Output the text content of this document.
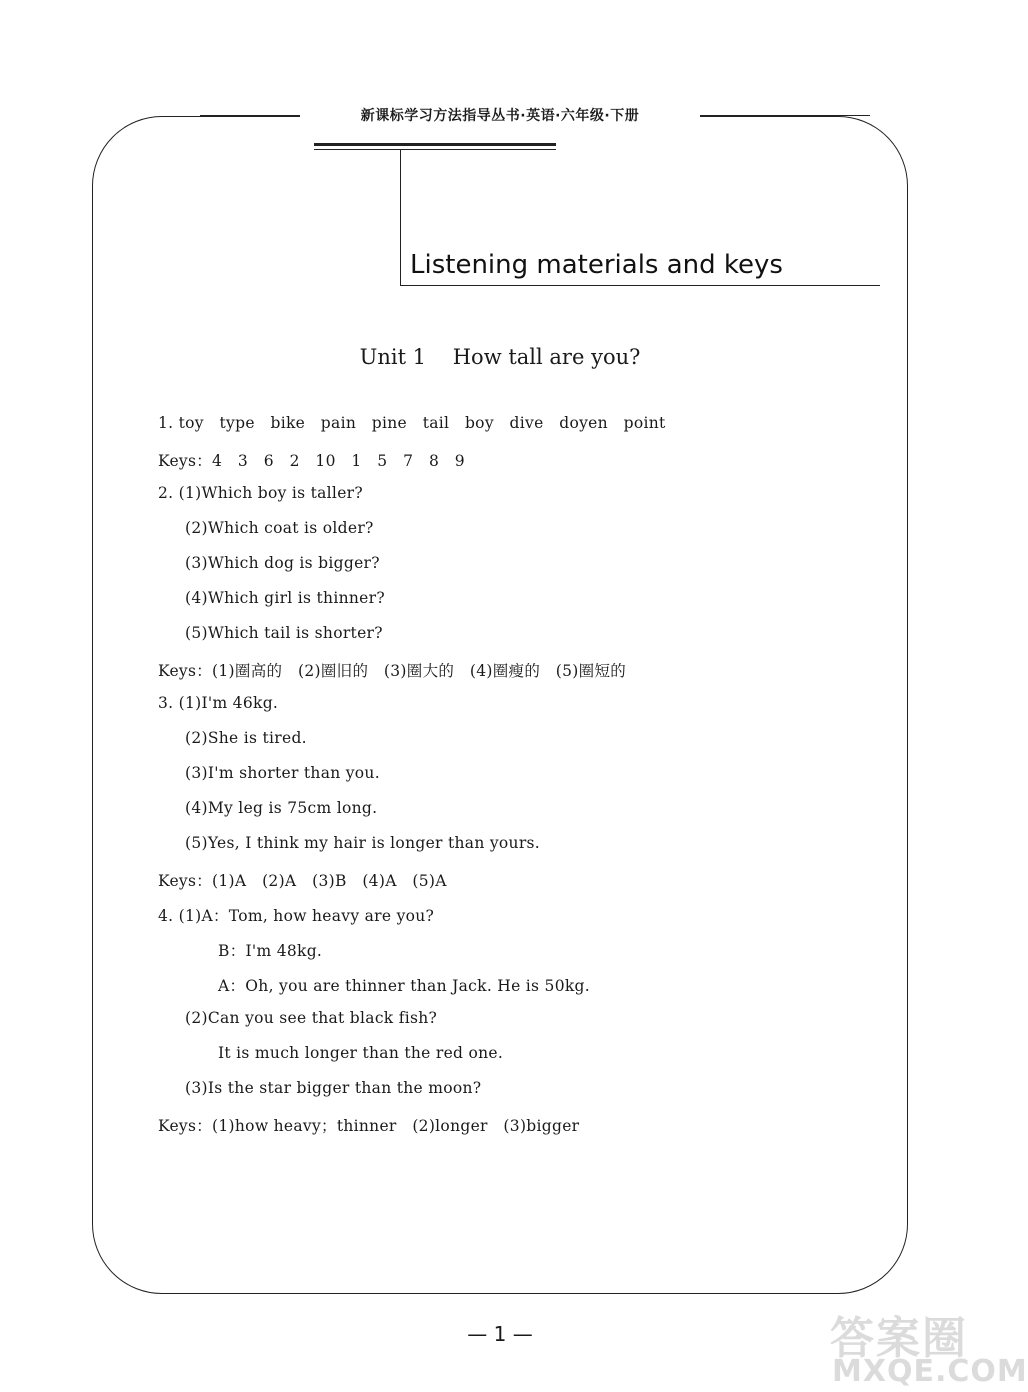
新课标学习方法指导丛书·英语·六年级·下册
Listening materials and keys
Unit 1    How tall are you?
1. toy   type   bike   pain   pine   tail   boy   dive   doyen   point
Keys：4   3   6   2   10   1   5   7   8   9
2. (1)Which boy is taller?
(2)Which coat is older?
(3)Which dog is bigger?
(4)Which girl is thinner?
(5)Which tail is shorter?
Keys：(1)圈高的   (2)圈旧的   (3)圈大的   (4)圈瘦的   (5)圈短的
3. (1)I'm 46kg.
(2)She is tired.
(3)I'm shorter than you.
(4)My leg is 75cm long.
(5)Yes, I think my hair is longer than yours.
Keys：(1)A   (2)A   (3)B   (4)A   (5)A
4. (1)A：Tom, how heavy are you?
B：I'm 48kg.
A：Oh, you are thinner than Jack. He is 50kg.
(2)Can you see that black fish?
It is much longer than the red one.
(3)Is the star bigger than the moon?
Keys：(1)how heavy；thinner   (2)longer   (3)bigger
— 1 —	答案圈
MXQE.COM
